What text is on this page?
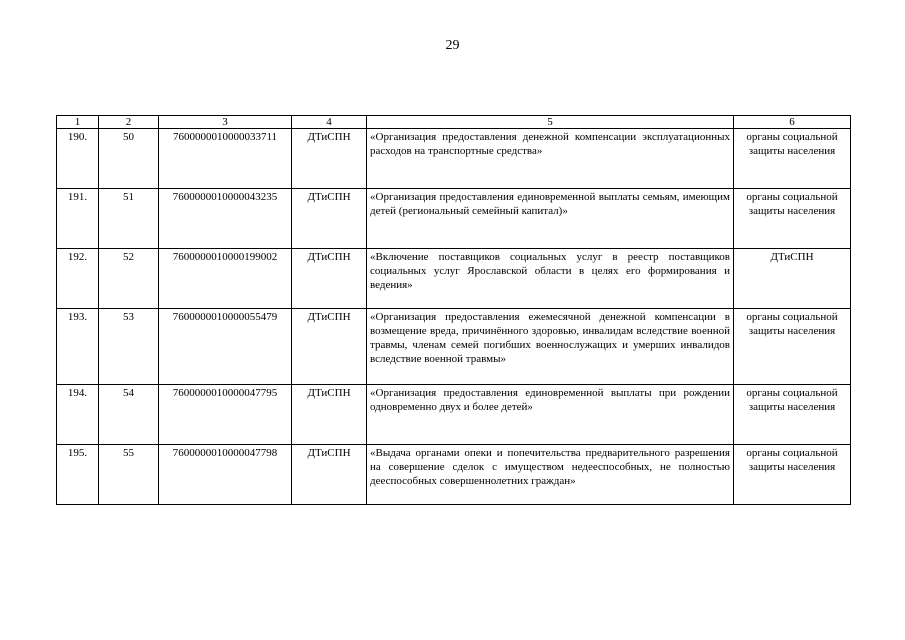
29
1	2	3	4	5	6
190.	50	7600000010000033711	ДТиСПН	«Организация предоставления денежной компенсации эксплуатационных расходов на транспортные средства»	органы социальной защиты населения
191.	51	7600000010000043235	ДТиСПН	«Организация предоставления единовременной выплаты семьям, имеющим детей (региональный семейный капитал)»	органы социальной защиты населения
192.	52	7600000010000199002	ДТиСПН	«Включение поставщиков социальных услуг в реестр поставщиков социальных услуг Ярославской области в целях его формирования и ведения»	ДТиСПН
193.	53	7600000010000055479	ДТиСПН	«Организация предоставления ежемесячной денежной компенсации в возмещение вреда, причинённого здоровью, инвалидам вследствие военной травмы, членам семей погибших военнослужащих и умерших инвалидов вследствие военной травмы»	органы социальной защиты населения
194.	54	7600000010000047795	ДТиСПН	«Организация предоставления единовременной выплаты при рождении одновременно двух и более детей»	органы социальной защиты населения
195.	55	7600000010000047798	ДТиСПН	«Выдача органами опеки и попечительства предварительного разрешения на совершение сделок с имуществом недееспособных, не полностью дееспособных совершеннолетних граждан»	органы социальной защиты населения
